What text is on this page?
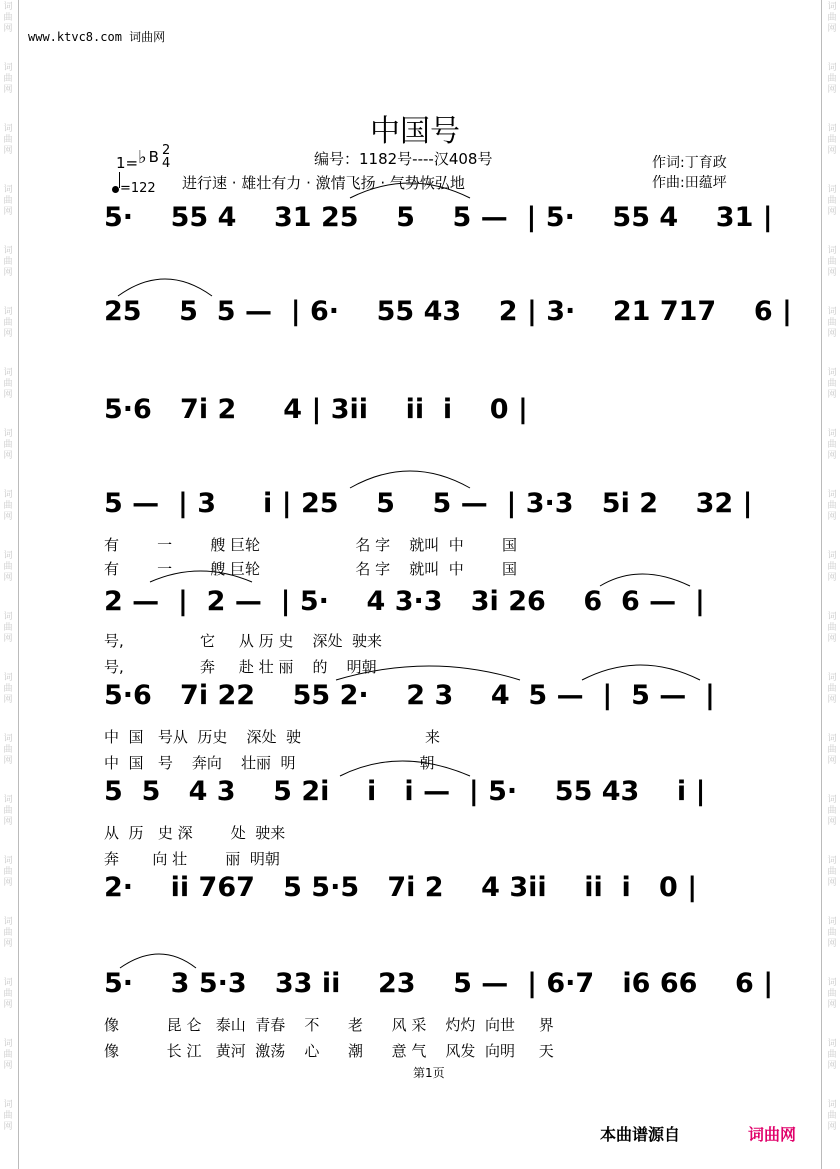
词
曲
网
词
曲
网
词
曲
网
词
曲
网
词
曲
网
词
曲
网
词
曲
网
词
曲
网
词
曲
网
词
曲
网
词
曲
网
词
曲
网
词
曲
网
词
曲
网
词
曲
网
词
曲
网
词
曲
网
词
曲
网
词
曲
网
词
曲
网
词
曲
网
词
曲
网
词
曲
网
词
曲
网
词
曲
网
词
曲
网
词
曲
网
词
曲
网
词
曲
网
词
曲
网
词
曲
网
词
曲
网
词
曲
网
词
曲
网
词
曲
网
词
曲
网
词
曲
网
词
曲
网
www.ktvc8.com 词曲网
中国号
编号：1182号----汉408号
1=♭ B 2
4
=122 进行速 · 雄壮有力 · 激情飞扬 · 气势恢弘地
作词:丁育政
作曲:田蕴坪
5·    55 4    31 25    5    5 —  | 5·    55 4    31 |
25    5  5 —  | 6·    55 43    2 | 3·    21 717    6 |
5·6   7i 2     4 | 3ii    ii  i    0 |
5 —  | 3     i | 25    5    5 —  | 3·3   5i 2    32 |
2 —  |  2 —  | 5·    4 3·3   3i 26    6  6 —  |
5·6   7i 22    55 2·    2 3    4  5 —  |  5 —  |
5  5   4 3    5 2i    i   i —  | 5·    55 43    i |
2·    ii 767   5 5·5   7i 2    4 3ii    ii  i   0 |
5·    3 5·3   33 ii    23    5 —  | 6·7   i6 66    6 |
有        一        艘 巨轮                    名 字    就叫  中        国
有        一        艘 巨轮                    名 字    就叫  中        国
号,                它     从 历 史    深处  驶来
号,                奔     赴 壮 丽    的    明朝
中  国   号从  历史    深处  驶                          来
中  国   号    奔向    壮丽  明                          朝
从  历   史 深        处  驶来
奔       向 壮        丽  明朝
像          昆 仑   泰山  青春    不      老      风 采    灼灼  向世     界
像          长 江   黄河  激荡    心      潮      意 气    风发  向明     天
第1页
本曲谱源自	词曲网
